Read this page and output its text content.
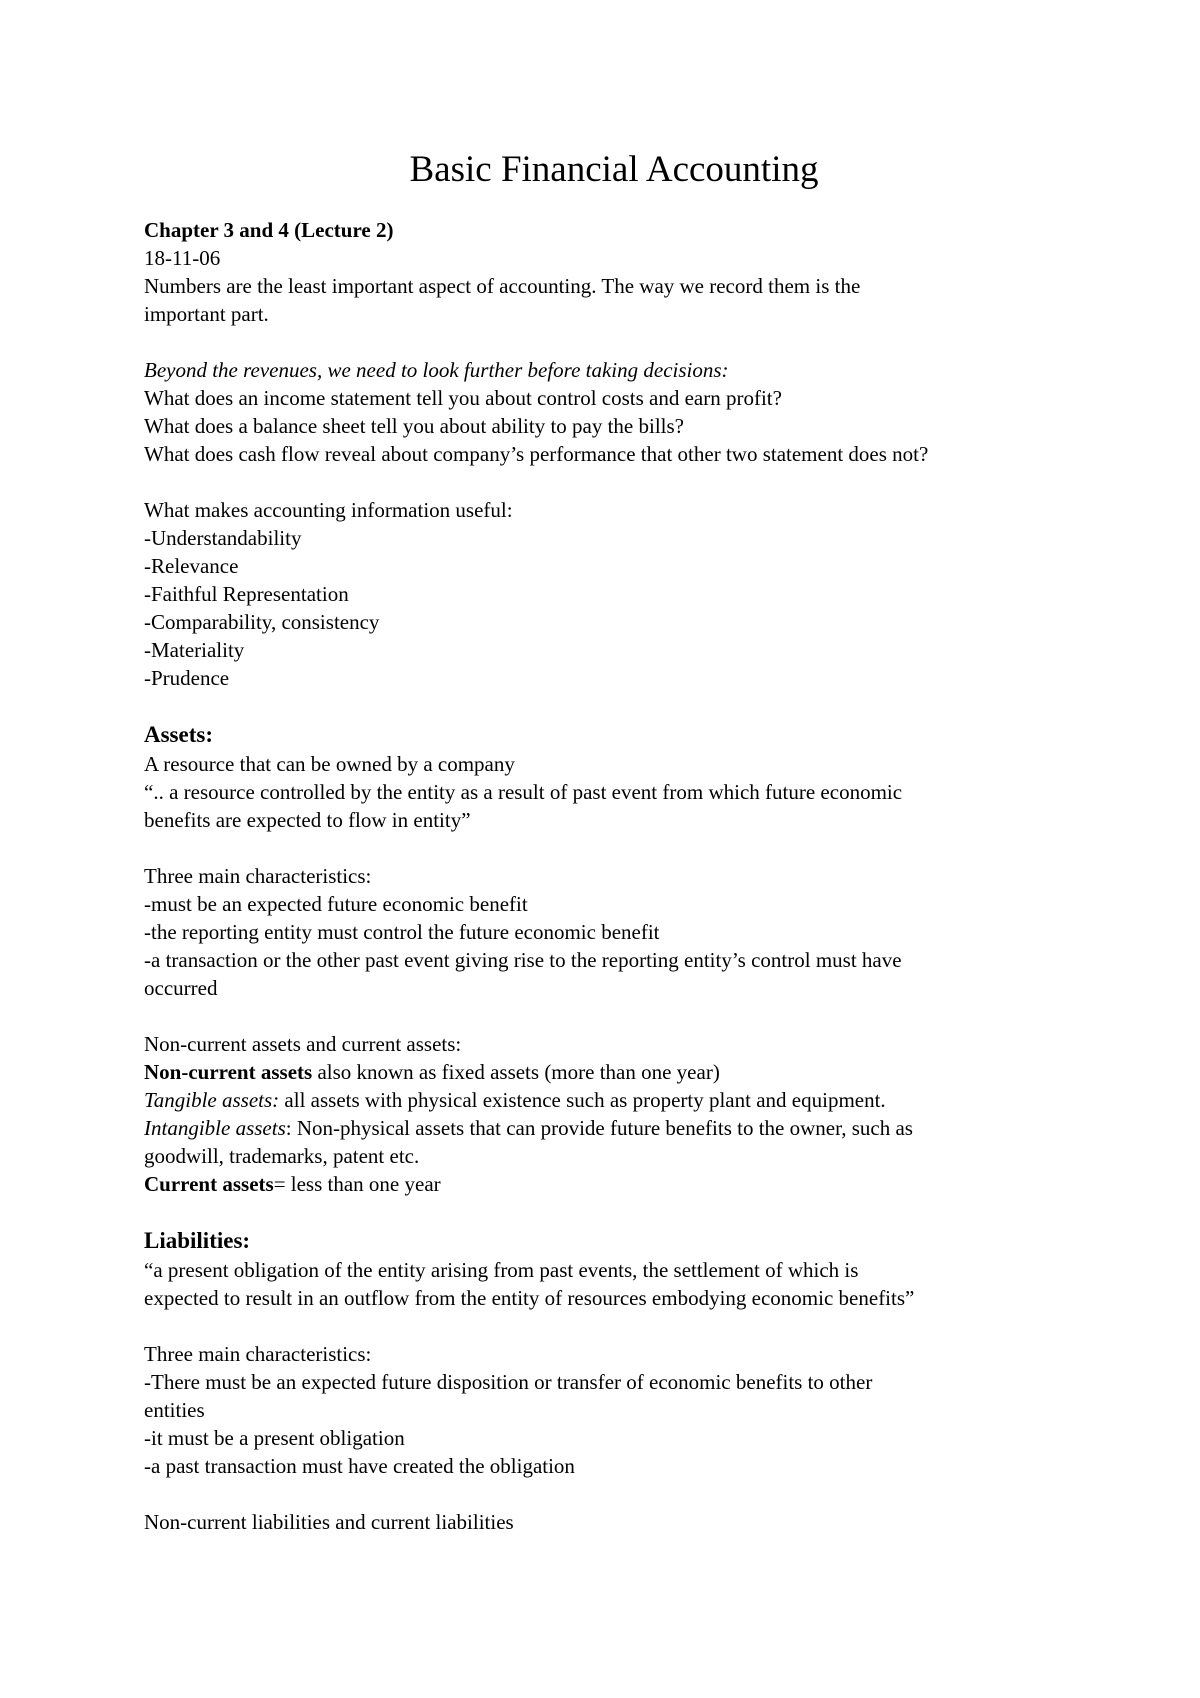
Basic Financial Accounting
Chapter 3 and 4 (Lecture 2)
18-11-06
Numbers are the least important aspect of accounting. The way we record them is the
important part.
Beyond the revenues, we need to look further before taking decisions:
What does an income statement tell you about control costs and earn profit?
What does a balance sheet tell you about ability to pay the bills?
What does cash flow reveal about company’s performance that other two statement does not?
What makes accounting information useful:
-Understandability
-Relevance
-Faithful Representation
-Comparability, consistency
-Materiality
-Prudence
Assets:
A resource that can be owned by a company
“.. a resource controlled by the entity as a result of past event from which future economic
benefits are expected to flow in entity”
Three main characteristics:
-must be an expected future economic benefit
-the reporting entity must control the future economic benefit
-a transaction or the other past event giving rise to the reporting entity’s control must have
occurred
Non-current assets and current assets:
Non-current assets also known as fixed assets (more than one year)
Tangible assets: all assets with physical existence such as property plant and equipment.
Intangible assets: Non-physical assets that can provide future benefits to the owner, such as
goodwill, trademarks, patent etc.
Current assets= less than one year
Liabilities:
“a present obligation of the entity arising from past events, the settlement of which is
expected to result in an outflow from the entity of resources embodying economic benefits”
Three main characteristics:
-There must be an expected future disposition or transfer of economic benefits to other
entities
-it must be a present obligation
-a past transaction must have created the obligation
Non-current liabilities and current liabilities
